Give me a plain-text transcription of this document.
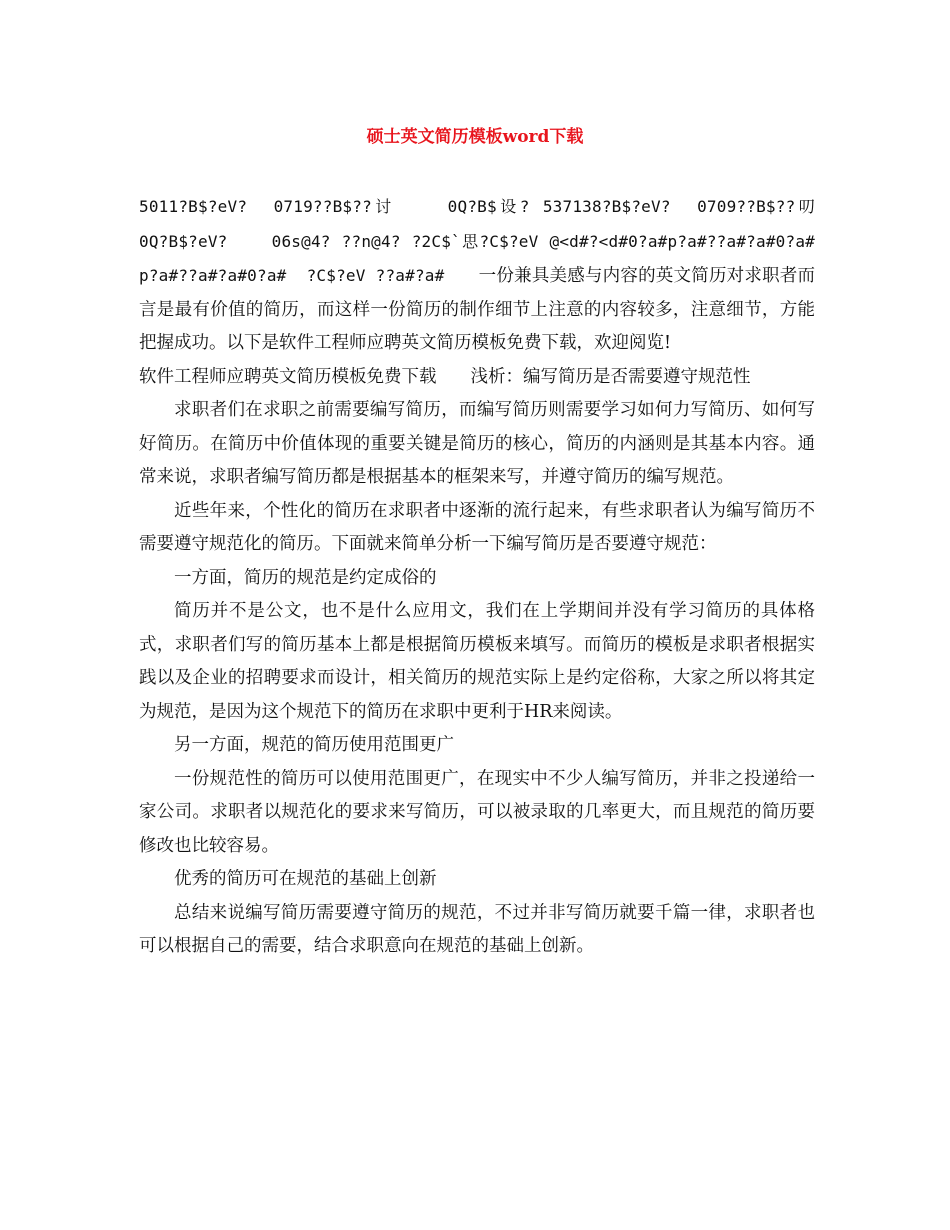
硕士英文简历模板word下载

5011?B$?eV?  0719??B$??讨    0Q?B$设? 537138?B$?eV?  0709??B$??叨    0Q?B$?eV?    06s@4? ??n@4? ?2C$`思?C$?eV @<d#?<d#0?a#p?a#??a#?a#0?a#p?a#??a#?a#0?a#  ?C$?eV ??a#?a# 一份兼具美感与内容的英文简历对求职者而言是最有价值的简历，而这样一份简历的制作细节上注意的内容较多，注意细节，方能把握成功。以下是软件工程师应聘英文简历模板免费下载，欢迎阅览!

软件工程师应聘英文简历模板免费下载 浅析：编写简历是否需要遵守规范性

求职者们在求职之前需要编写简历，而编写简历则需要学习如何力写简历、如何写好简历。在简历中价值体现的重要关键是简历的核心，简历的内涵则是其基本内容。通常来说，求职者编写简历都是根据基本的框架来写，并遵守简历的编写规范。

近些年来，个性化的简历在求职者中逐渐的流行起来，有些求职者认为编写简历不需要遵守规范化的简历。下面就来简单分析一下编写简历是否要遵守规范：

一方面，简历的规范是约定成俗的

简历并不是公文，也不是什么应用文，我们在上学期间并没有学习简历的具体格式，求职者们写的简历基本上都是根据简历模板来填写。而简历的模板是求职者根据实践以及企业的招聘要求而设计，相关简历的规范实际上是约定俗称，大家之所以将其定为规范，是因为这个规范下的简历在求职中更利于HR来阅读。

另一方面，规范的简历使用范围更广

一份规范性的简历可以使用范围更广，在现实中不少人编写简历，并非之投递给一家公司。求职者以规范化的要求来写简历，可以被录取的几率更大，而且规范的简历要修改也比较容易。

优秀的简历可在规范的基础上创新

总结来说编写简历需要遵守简历的规范，不过并非写简历就要千篇一律，求职者也可以根据自己的需要，结合求职意向在规范的基础上创新。
